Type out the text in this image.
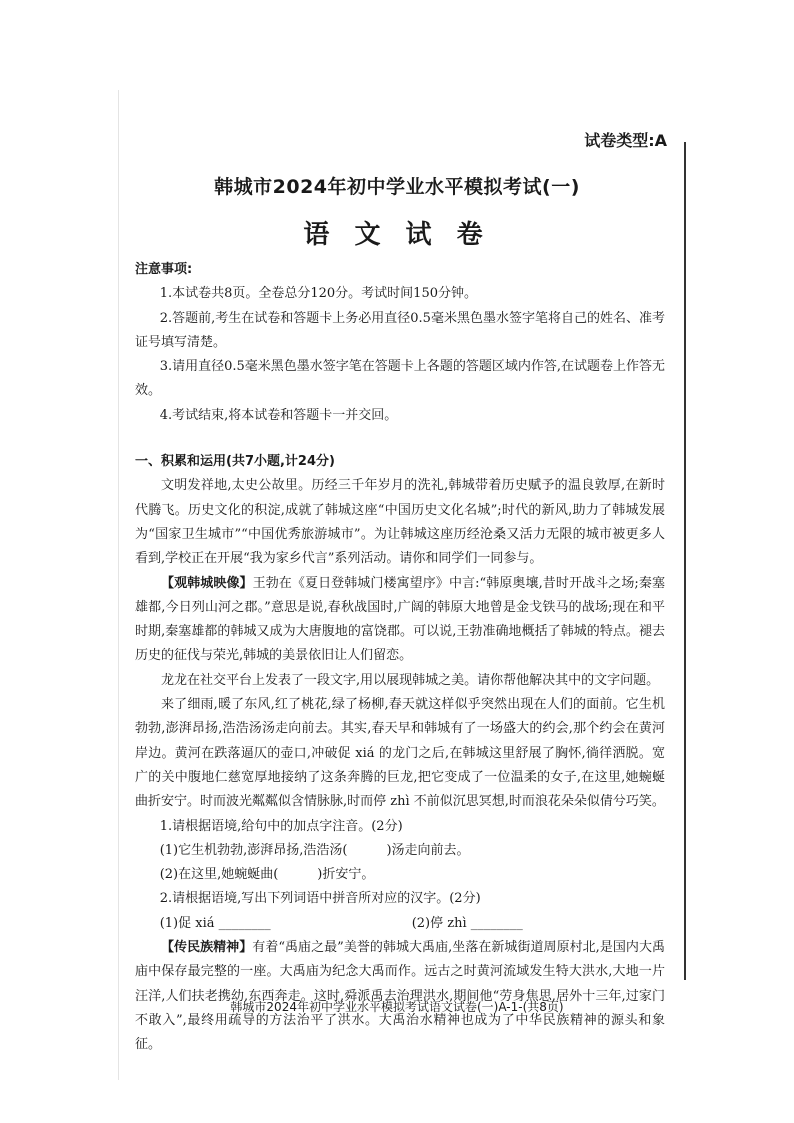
试卷类型:A
韩城市2024年初中学业水平模拟考试(一)
语 文 试 卷
注意事项:
1.本试卷共8页。全卷总分120分。考试时间150分钟。
2.答题前,考生在试卷和答题卡上务必用直径0.5毫米黑色墨水签字笔将自己的姓名、准考证号填写清楚。
3.请用直径0.5毫米黑色墨水签字笔在答题卡上各题的答题区域内作答,在试题卷上作答无效。
4.考试结束,将本试卷和答题卡一并交回。
一、积累和运用(共7小题,计24分)
文明发祥地,太史公故里。历经三千年岁月的洗礼,韩城带着历史赋予的温良敦厚,在新时代腾飞。历史文化的积淀,成就了韩城这座“中国历史文化名城”;时代的新风,助力了韩城发展为“国家卫生城市”“中国优秀旅游城市”。为让韩城这座历经沧桑又活力无限的城市被更多人看到,学校正在开展“我为家乡代言”系列活动。请你和同学们一同参与。
【观韩城映像】王勃在《夏日登韩城门楼寓望序》中言:“韩原奥壤,昔时开战斗之场;秦塞雄都,今日列山河之郡。”意思是说,春秋战国时,广阔的韩原大地曾是金戈铁马的战场;现在和平时期,秦塞雄都的韩城又成为大唐腹地的富饶郡。可以说,王勃准确地概括了韩城的特点。褪去历史的征伐与荣光,韩城的美景依旧让人们留恋。
龙龙在社交平台上发表了一段文字,用以展现韩城之美。请你帮他解决其中的文字问题。
来了细雨,暖了东风,红了桃花,绿了杨柳,春天就这样似乎突然出现在人们的面前。它生机勃勃,澎湃昂扬,浩浩汤汤走向前去。其实,春天早和韩城有了一场盛大的约会,那个约会在黄河岸边。黄河在跌落逼仄的壶口,冲破促 xiá 的龙门之后,在韩城这里舒展了胸怀,徜徉洒脱。宽广的关中腹地仁慈宽厚地接纳了这条奔腾的巨龙,把它变成了一位温柔的女子,在这里,她蜿蜒曲折安宁。时而波光粼粼似含情脉脉,时而停 zhì 不前似沉思冥想,时而浪花朵朵似倩兮巧笑。
1.请根据语境,给句中的加点字注音。(2分)
(1)它生机勃勃,澎湃昂扬,浩浩汤(　　　)汤走向前去。
(2)在这里,她蜿蜒曲(　　　)折安宁。
2.请根据语境,写出下列词语中拼音所对应的汉字。(2分)
(1)促 xiá ________	(2)停 zhì ________
【传民族精神】有着“禹庙之最”美誉的韩城大禹庙,坐落在新城街道周原村北,是国内大禹庙中保存最完整的一座。大禹庙为纪念大禹而作。远古之时黄河流域发生特大洪水,大地一片汪洋,人们扶老携幼,东西奔走。这时,舜派禹去治理洪水,期间他“劳身焦思,居外十三年,过家门不敢入”,最终用疏导的方法治平了洪水。大禹治水精神也成为了中华民族精神的源头和象征。
韩城市2024年初中学业水平模拟考试语文试卷(一)A-1-(共8页)
